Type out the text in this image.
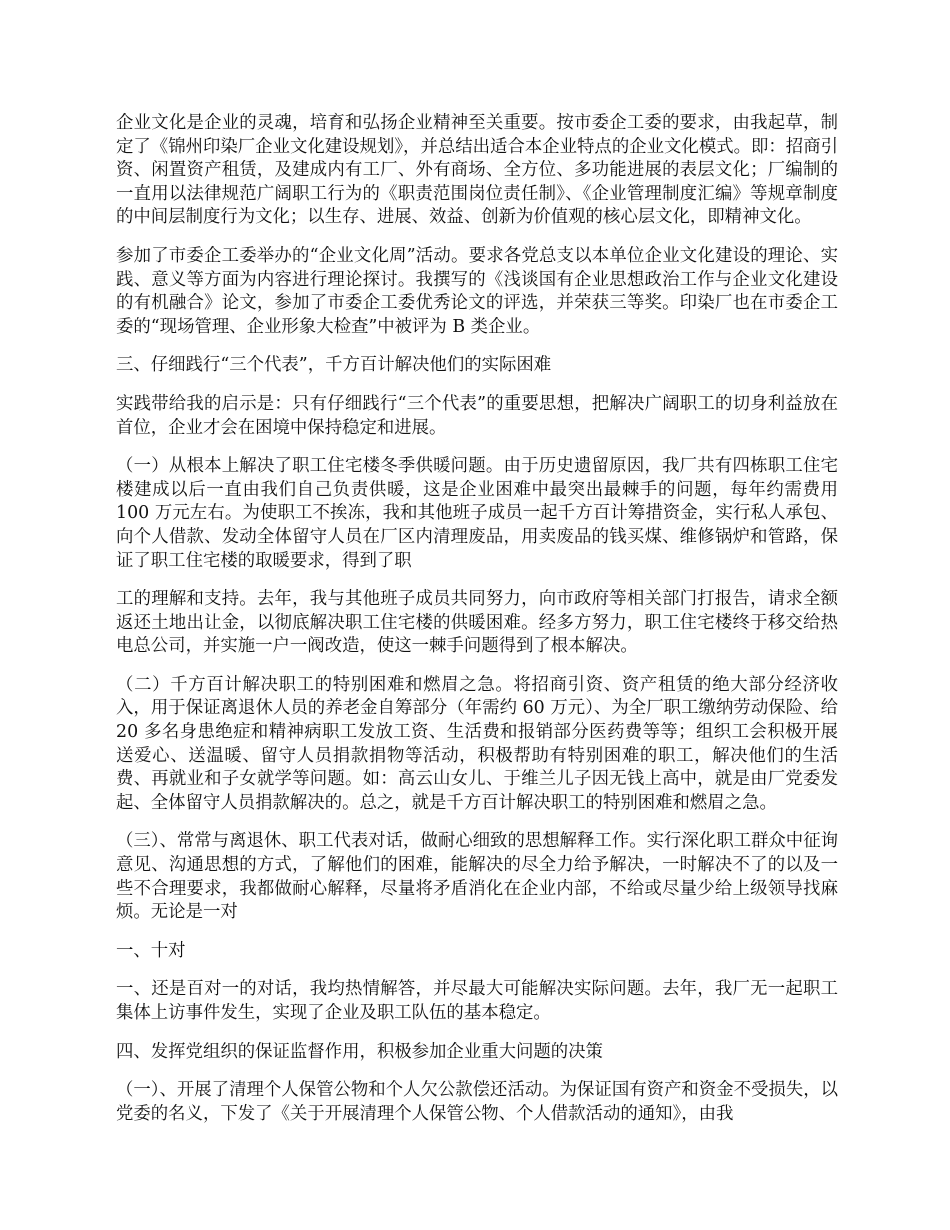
企业文化是企业的灵魂，培育和弘扬企业精神至关重要。按市委企工委的要求，由我起草，制定了《锦州印染厂企业文化建设规划》，并总结出适合本企业特点的企业文化模式。即：招商引资、闲置资产租赁，及建成内有工厂、外有商场、全方位、多功能进展的表层文化；厂编制的一直用以法律规范广阔职工行为的《职责范围岗位责任制》、《企业管理制度汇编》等规章制度的中间层制度行为文化；以生存、进展、效益、创新为价值观的核心层文化，即精神文化。

参加了市委企工委举办的“企业文化周”活动。要求各党总支以本单位企业文化建设的理论、实践、意义等方面为内容进行理论探讨。我撰写的《浅谈国有企业思想政治工作与企业文化建设的有机融合》论文，参加了市委企工委优秀论文的评选，并荣获三等奖。印染厂也在市委企工委的“现场管理、企业形象大检查”中被评为 B 类企业。

三、仔细践行“三个代表”，千方百计解决他们的实际困难

实践带给我的启示是：只有仔细践行“三个代表”的重要思想，把解决广阔职工的切身利益放在首位，企业才会在困境中保持稳定和进展。

（一）从根本上解决了职工住宅楼冬季供暖问题。由于历史遗留原因，我厂共有四栋职工住宅楼建成以后一直由我们自己负责供暖，这是企业困难中最突出最棘手的问题，每年约需费用 100 万元左右。为使职工不挨冻，我和其他班子成员一起千方百计筹措资金，实行私人承包、向个人借款、发动全体留守人员在厂区内清理废品，用卖废品的钱买煤、维修锅炉和管路，保证了职工住宅楼的取暖要求，得到了职

工的理解和支持。去年，我与其他班子成员共同努力，向市政府等相关部门打报告，请求全额返还土地出让金，以彻底解决职工住宅楼的供暖困难。经多方努力，职工住宅楼终于移交给热电总公司，并实施一户一阀改造，使这一棘手问题得到了根本解决。

（二）千方百计解决职工的特别困难和燃眉之急。将招商引资、资产租赁的绝大部分经济收入，用于保证离退休人员的养老金自筹部分（年需约 60 万元）、为全厂职工缴纳劳动保险、给 20 多名身患绝症和精神病职工发放工资、生活费和报销部分医药费等等；组织工会积极开展送爱心、送温暖、留守人员捐款捐物等活动，积极帮助有特别困难的职工，解决他们的生活费、再就业和子女就学等问题。如：高云山女儿、于维兰儿子因无钱上高中，就是由厂党委发起、全体留守人员捐款解决的。总之，就是千方百计解决职工的特别困难和燃眉之急。

（三）、常常与离退休、职工代表对话，做耐心细致的思想解释工作。实行深化职工群众中征询意见、沟通思想的方式，了解他们的困难，能解决的尽全力给予解决，一时解决不了的以及一些不合理要求，我都做耐心解释，尽量将矛盾消化在企业内部，不给或尽量少给上级领导找麻烦。无论是一对

一、十对

一、还是百对一的对话，我均热情解答，并尽最大可能解决实际问题。去年，我厂无一起职工集体上访事件发生，实现了企业及职工队伍的基本稳定。

四、发挥党组织的保证监督作用，积极参加企业重大问题的决策

（一）、开展了清理个人保管公物和个人欠公款偿还活动。为保证国有资产和资金不受损失，以党委的名义，下发了《关于开展清理个人保管公物、个人借款活动的通知》，由我
